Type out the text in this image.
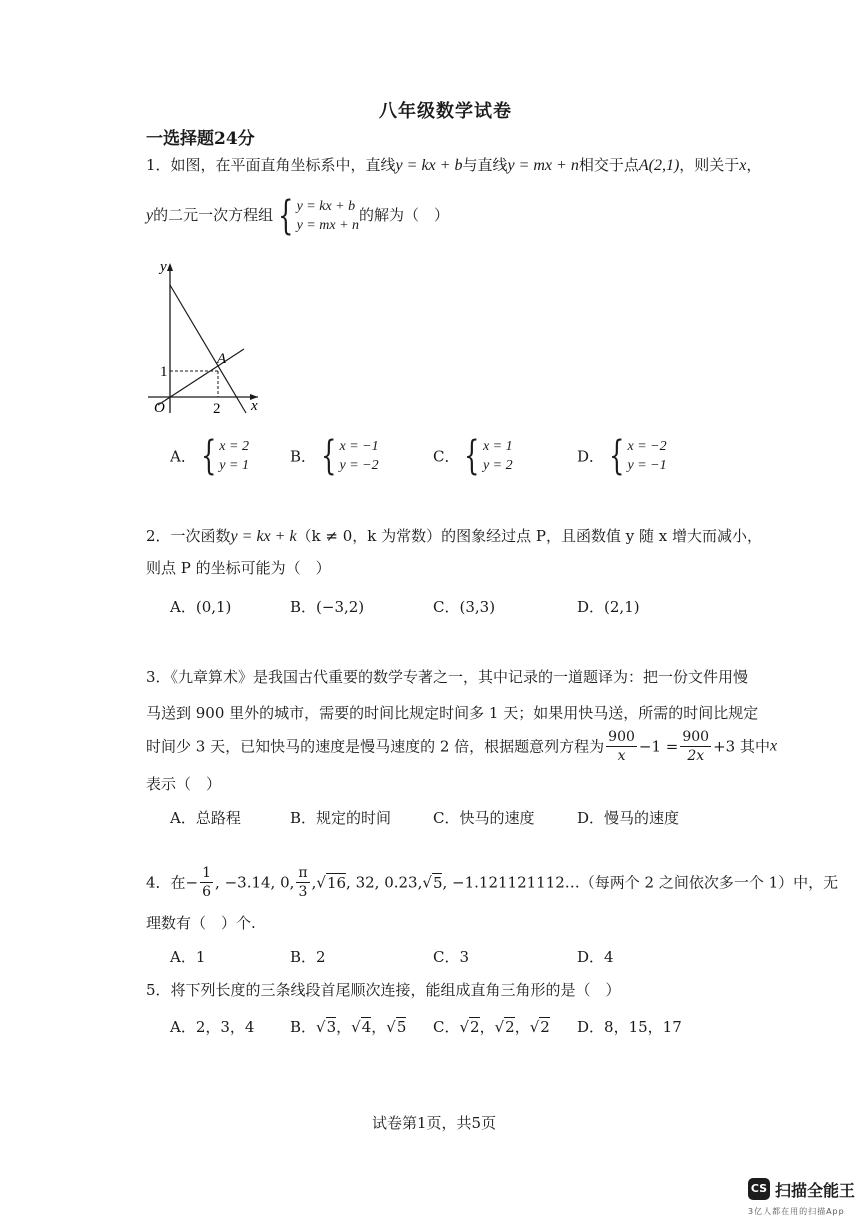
八年级数学试卷
一选择题24分
1．如图，在平面直角坐标系中，直线y = kx + b与直线y = mx + n相交于点A(2,1)，则关于x，
y的二元一次方程组 { y = kx + b
y = mx + n
的解为（　）
y
x
O	2
1
A
A． { x = 2
y = 1	B． { x = −1
y = −2	C． { x = 1
y = 2	D． { x = −2
y = −1
2．一次函数y = kx + k（k ≠ 0，k 为常数）的图象经过点 P，且函数值 y 随 x 增大而减小，
则点 P 的坐标可能为（　）
A．(0,1)	B．(−3,2)	C．(3,3)	D．(2,1)
3．《九章算术》是我国古代重要的数学专著之一，其中记录的一道题译为：把一份文件用慢
马送到 900 里外的城市，需要的时间比规定时间多 1 天；如果用快马送，所需的时间比规定
时间少 3 天，已知快马的速度是慢马速度的 2 倍，根据题意列方程为 $\frac{900}{x} -1 = \frac{900}{2x} +3$ 其中x
表示（　）
A．总路程	B．规定的时间	C．快马的速度	D．慢马的速度
4．在− $\frac{1}{6}$ , −3.14, 0, $\frac{\pi}{3} ,√16$, 32, 0.23,√5, −1.121121112…（每两个 2 之间依次多一个 1）中，无
理数有（　）个.
A．1	B．2	C．3	D．4
5．将下列长度的三条线段首尾顺次连接，能组成直角三角形的是（　）
A．2，3，4 B．√3，√4，√5 C．√2，√2，√2 D．8，15，17
试卷第1页，共5页
CS 扫描全能王
3亿人都在用的扫描App
